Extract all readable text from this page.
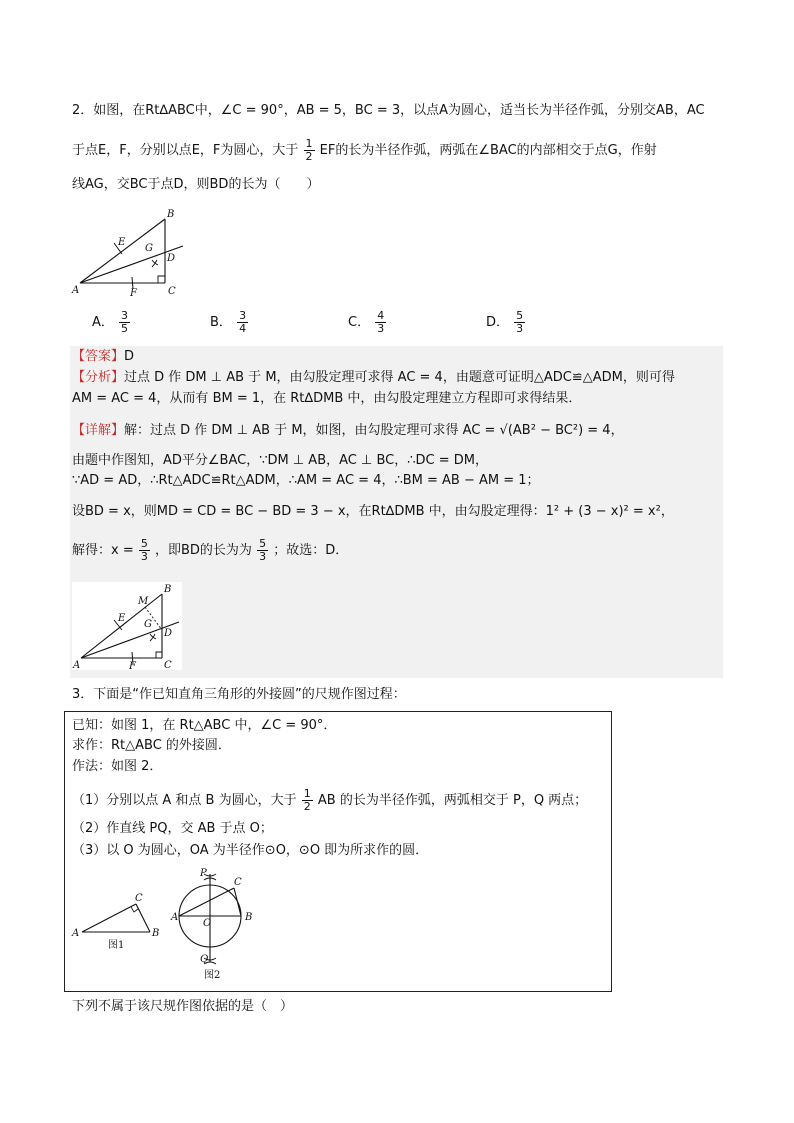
2．如图，在Rt∆ABC中，∠C = 90°，AB = 5，BC = 3，以点A为圆心，适当长为半径作弧，分别交AB，AC
于点E，F，分别以点E，F为圆心，大于 $\frac{1}{2}$ EF的长为半径作弧，两弧在∠BAC的内部相交于点G，作射
线AG，交BC于点D，则BD的长为（　　）
A
B
C
D
E
F
G
A． $\frac{3}{5}$	B． $\frac{3}{4}$	C． $\frac{4}{3}$	D． $\frac{5}{3}$
【答案】D
【分析】过点 D 作 DM ⊥ AB 于 M，由勾股定理可求得 AC = 4，由题意可证明△ADC≌△ADM，则可得
AM = AC = 4，从而有 BM = 1，在 Rt∆DMB 中，由勾股定理建立方程即可求得结果．
【详解】解：过点 D 作 DM ⊥ AB 于 M，如图，由勾股定理可求得 AC = √(AB² − BC²) = 4，
由题中作图知，AD平分∠BAC，∵DM ⊥ AB，AC ⊥ BC，∴DC = DM，
∵AD = AD，∴Rt△ADC≌Rt△ADM，∴AM = AC = 4，∴BM = AB − AM = 1；
设BD = x，则MD = CD = BC − BD = 3 − x，在Rt∆DMB 中，由勾股定理得：1² + (3 − x)² = x²，
解得：$x = \frac{5}{3}$ ，即BD的长为为 $\frac{5}{3}$ ；故选：D．
A
B
C
D
E
F
G
M
3．下面是“作已知直角三角形的外接圆”的尺规作图过程：
已知：如图 1，在 Rt△ABC 中，∠C = 90°．
求作：Rt△ABC 的外接圆．
作法：如图 2．
（1）分别以点 A 和点 B 为圆心，大于 $\frac{1}{2}$ AB 的长为半径作弧，两弧相交于 P，Q 两点；
（2）作直线 PQ，交 AB 于点 O；
（3）以 O 为圆心，OA 为半径作⊙O，⊙O 即为所求作的圆．
A
C
B
图1
P
C
A	B
O
Q
图2
下列不属于该尺规作图依据的是（　）
